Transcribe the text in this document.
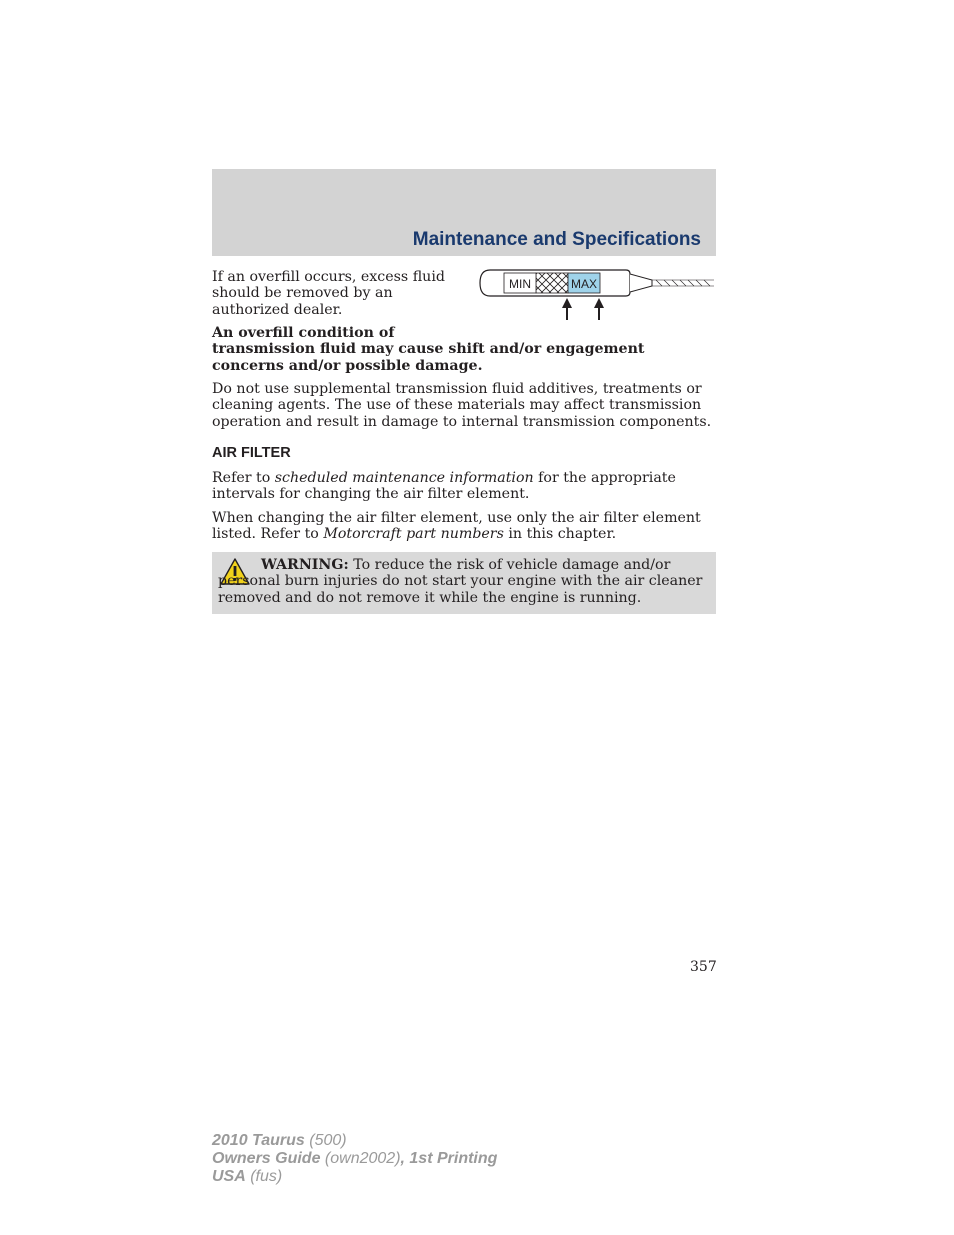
Maintenance and Specifications

If an overfill occurs, excess fluid should be removed by an authorized dealer.

MIN	MAX

An overfill condition of
transmission fluid may cause shift and/or engagement concerns and/or possible damage.

Do not use supplemental transmission fluid additives, treatments or cleaning agents. The use of these materials may affect transmission operation and result in damage to internal transmission components.

AIR FILTER

Refer to scheduled maintenance information for the appropriate intervals for changing the air filter element.

When changing the air filter element, use only the air filter element listed. Refer to Motorcraft part numbers in this chapter.

WARNING: To reduce the risk of vehicle damage and/or personal burn injuries do not start your engine with the air cleaner removed and do not remove it while the engine is running.

357
2010 Taurus (500)
Owners Guide (own2002), 1st Printing
USA (fus)
